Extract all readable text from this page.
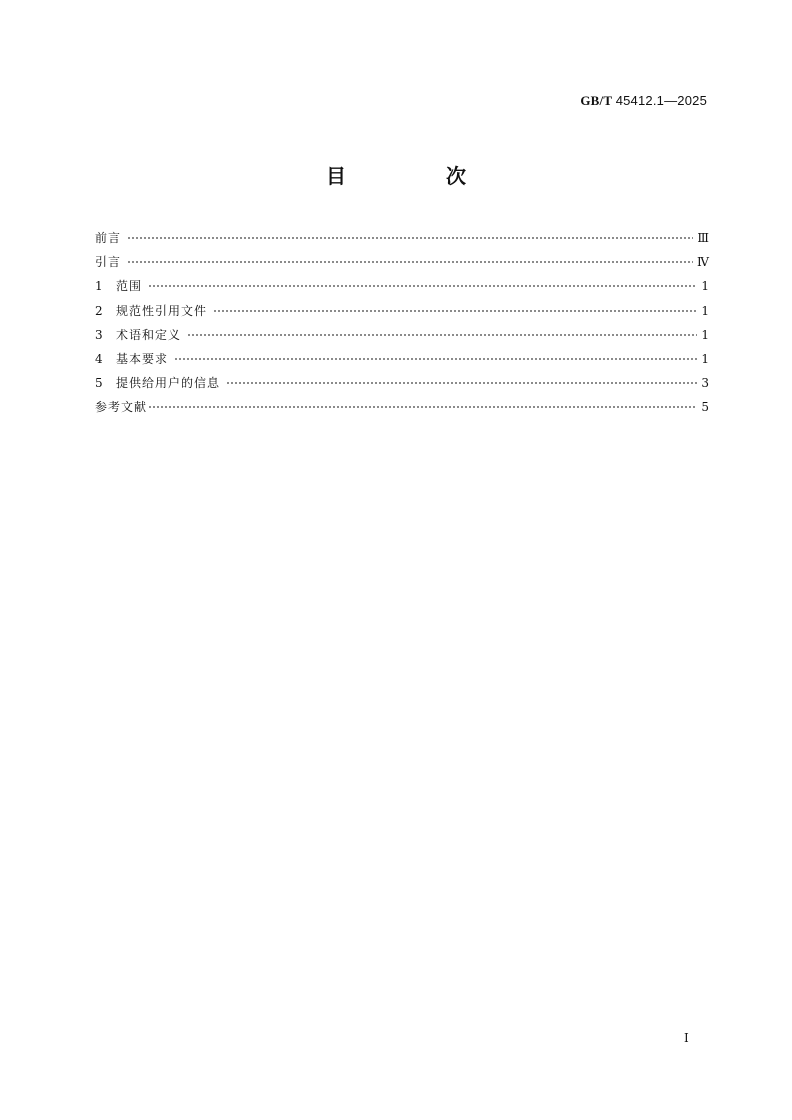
GB/T 45412.1—2025
目　次
前言	Ⅲ
引言	Ⅳ
1	范围	1
2	规范性引用文件	1
3	术语和定义	1
4	基本要求	1
5	提供给用户的信息	3
参考文献	5
Ⅰ
